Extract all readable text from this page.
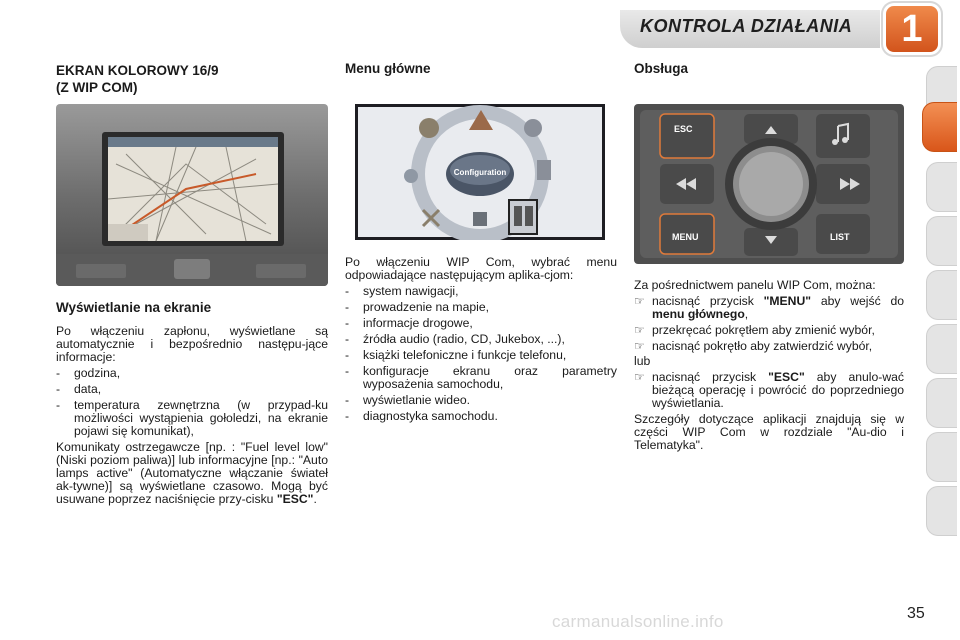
KONTROLA DZIAŁANIA	1
EKRAN KOLOROWY 16/9
(Z WIP COM)
Wyświetlanie na ekranie

Po włączeniu zapłonu, wyświetlane są automatycznie i bezpośrednio następu-jące informacje:

- godzina,
- data,
- temperatura zewnętrzna (w przypad-ku możliwości wystąpienia gołoledzi, na ekranie pojawi się komunikat),

Komunikaty ostrzegawcze [np. : "Fuel level low" (Niski poziom paliwa)] lub informacyjne [np.: "Auto lamps active" (Automatyczne włączanie świateł ak-tywne)] są wyświetlane czasowo. Mogą być usuwane poprzez naciśnięcie przy-cisku "ESC".

Menu główne
Configuration

Po włączeniu WIP Com, wybrać menu odpowiadające następującym aplika-cjom:

- system nawigacji,
- prowadzenie na mapie,
- informacje drogowe,
- źródła audio (radio, CD, Jukebox, ...),
- książki telefoniczne i funkcje telefonu,
- konfiguracje ekranu oraz parametry wyposażenia samochodu,
- wyświetlanie wideo.
- diagnostyka samochodu.
Obsługa
ESC
MENU	LIST

Za pośrednictwem panelu WIP Com, można:

☞ nacisnąć przycisk "MENU" aby wejść do menu głównego,
☞ przekręcać pokrętłem aby zmienić wybór,
☞ nacisnąć pokrętło aby zatwierdzić wybór,

lub

☞ nacisnąć przycisk "ESC" aby anulo-wać bieżącą operację i powrócić do poprzedniego wyświetlania.

Szczegóły dotyczące aplikacji znajdują się w części WIP Com w rozdziale "Au-dio i Telematyka".

35
carmanualsonline.info
